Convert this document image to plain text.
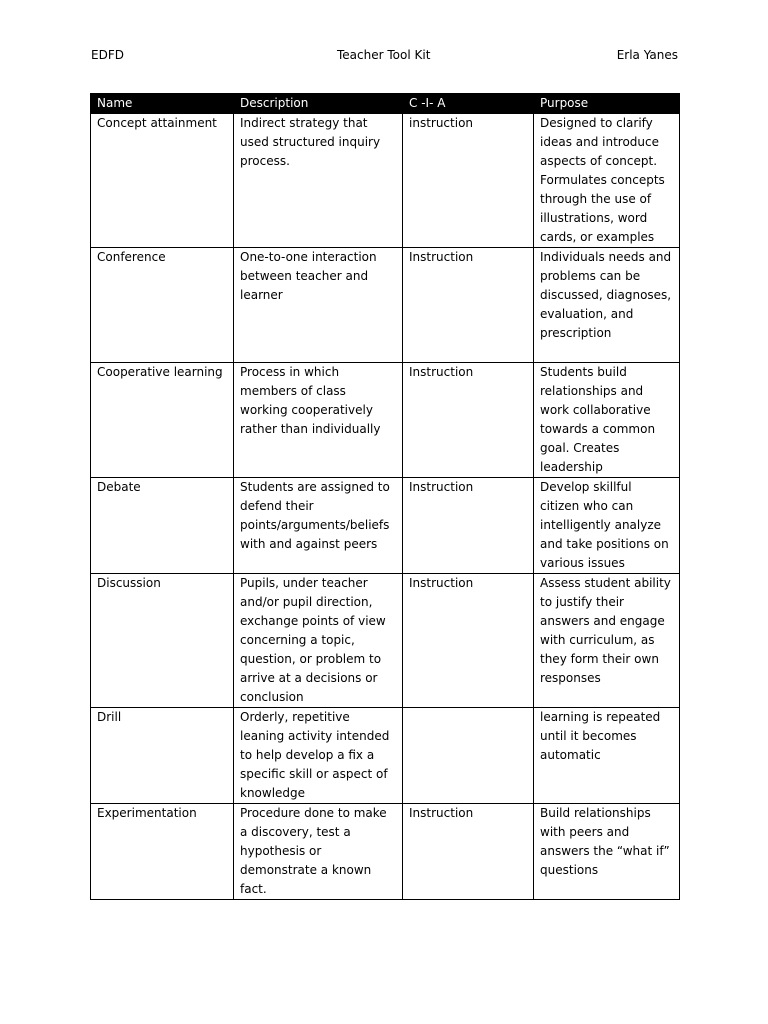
EDFD	Teacher Tool Kit	Erla Yanes
Name	Description	C -I- A	Purpose
Concept attainment	Indirect strategy that used structured inquiry process.	instruction	Designed to clarify ideas and introduce aspects of concept. Formulates concepts through the use of illustrations, word cards, or examples
Conference	One-to-one interaction between teacher and learner	Instruction	Individuals needs and problems can be discussed, diagnoses, evaluation, and prescription
Cooperative learning	Process in which members of class working cooperatively rather than individually	Instruction	Students build relationships and work collaborative towards a common goal. Creates leadership
Debate	Students are assigned to defend their points/arguments/beliefs with and against peers	Instruction	Develop skillful citizen who can intelligently analyze and take positions on various issues
Discussion	Pupils, under teacher and/or pupil direction, exchange points of view concerning a topic, question, or problem to arrive at a decisions or conclusion	Instruction	Assess student ability to justify their answers and engage with curriculum, as they form their own responses
Drill	Orderly, repetitive leaning activity intended to help develop a fix a specific skill or aspect of knowledge		learning is repeated until it becomes automatic
Experimentation	Procedure done to make a discovery, test a hypothesis or demonstrate a known fact.	Instruction	Build relationships with peers and answers the “what if” questions
